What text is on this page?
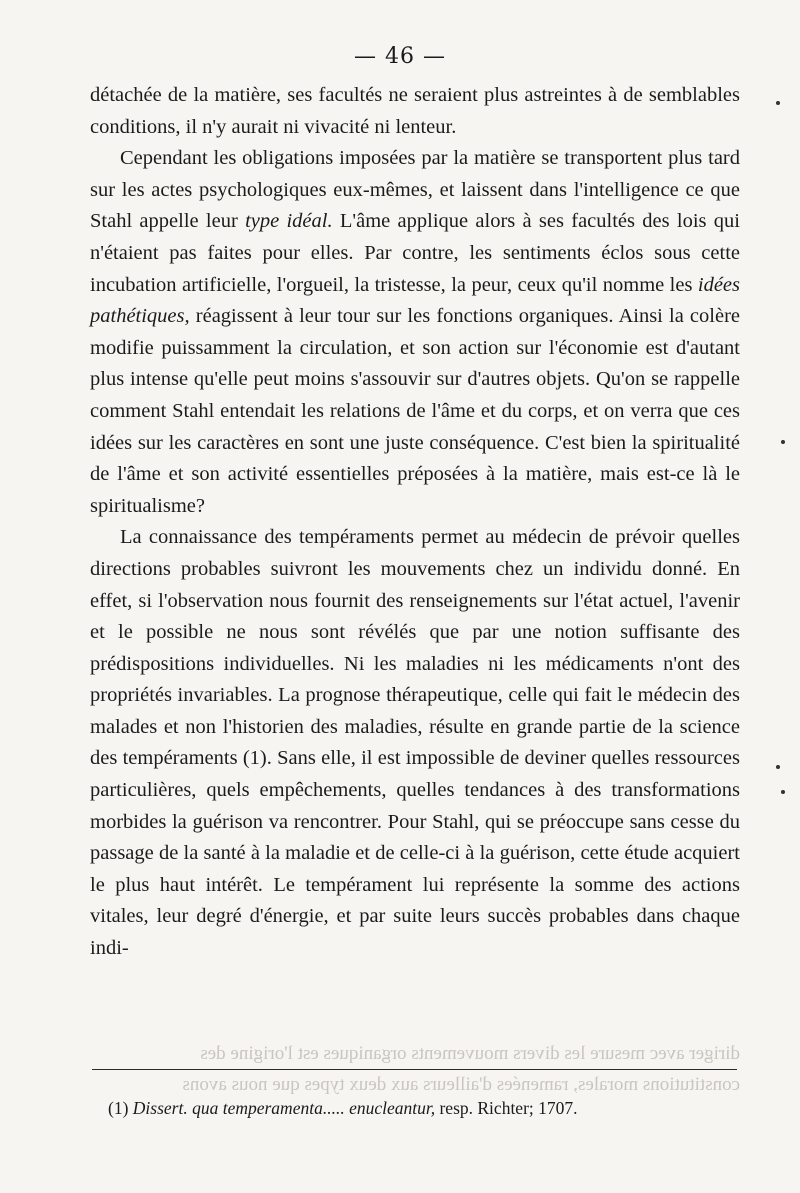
— 46 —

détachée de la matière, ses facultés ne seraient plus astreintes à de semblables conditions, il n'y aurait ni vivacité ni lenteur.

Cependant les obligations imposées par la matière se transportent plus tard sur les actes psychologiques eux-mêmes, et laissent dans l'intelligence ce que Stahl appelle leur type idéal. L'âme applique alors à ses facultés des lois qui n'étaient pas faites pour elles. Par contre, les sentiments éclos sous cette incubation artificielle, l'orgueil, la tristesse, la peur, ceux qu'il nomme les idées pathétiques, réagissent à leur tour sur les fonctions organiques. Ainsi la colère modifie puissamment la circulation, et son action sur l'économie est d'autant plus intense qu'elle peut moins s'assouvir sur d'autres objets. Qu'on se rappelle comment Stahl entendait les relations de l'âme et du corps, et on verra que ces idées sur les caractères en sont une juste conséquence. C'est bien la spiritualité de l'âme et son activité essentielles préposées à la matière, mais est-ce là le spiritualisme?

La connaissance des tempéraments permet au médecin de prévoir quelles directions probables suivront les mouvements chez un individu donné. En effet, si l'observation nous fournit des renseignements sur l'état actuel, l'avenir et le possible ne nous sont révélés que par une notion suffisante des prédispositions individuelles. Ni les maladies ni les médicaments n'ont des propriétés invariables. La prognose thérapeutique, celle qui fait le médecin des malades et non l'historien des maladies, résulte en grande partie de la science des tempéraments (1). Sans elle, il est impossible de deviner quelles ressources particulières, quels empêchements, quelles tendances à des transformations morbides la guérison va rencontrer. Pour Stahl, qui se préoccupe sans cesse du passage de la santé à la maladie et de celle-ci à la guérison, cette étude acquiert le plus haut intérêt. Le tempérament lui représente la somme des actions vitales, leur degré d'énergie, et par suite leurs succès probables dans chaque indi-

diriger avec mesure les divers mouvements organiques est l'origine des
constitutions morales, ramenées d'ailleurs aux deux types que nous avons
(1) Dissert. qua temperamenta..... enucleantur, resp. Richter; 1707.
